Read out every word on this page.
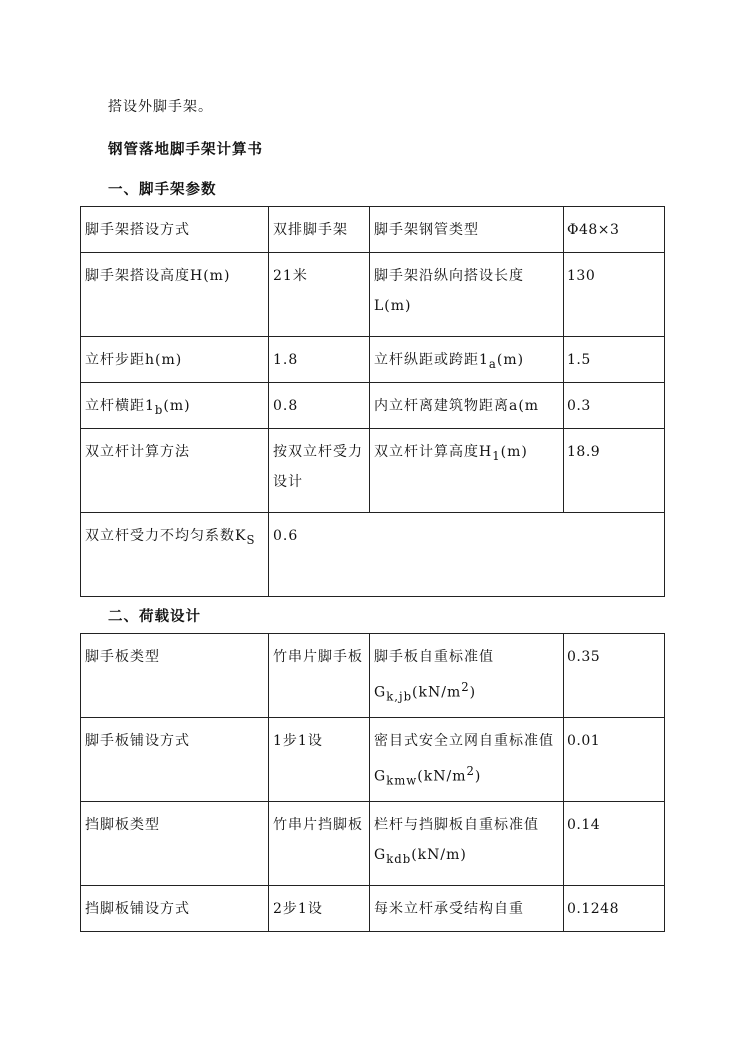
搭设外脚手架。

钢管落地脚手架计算书

一、脚手架参数

脚手架搭设方式	双排脚手架	脚手架钢管类型	Φ48×3
脚手架搭设高度H(m)	21米	脚手架沿纵向搭设长度L(m)	130
立杆步距h(m)	1.8	立杆纵距或跨距$1_a(m)$	1.5
立杆横距$1_b(m)$	0.8	内立杆离建筑物距离a(m	0.3
双立杆计算方法	按双立杆受力设计	双立杆计算高度$H_1(m)$	18.9
双立杆受力不均匀系数$K_S$	0.6		

二、荷载设计

脚手板类型	竹串片脚手板	脚手板自重标准值$G_{k,jb}(kN/m^2)$	0.35
脚手板铺设方式	1步1设	密目式安全立网自重标准值$G_{kmw}(kN/m^2)$	0.01
挡脚板类型	竹串片挡脚板	栏杆与挡脚板自重标准值$G_{kdb}(kN/m)$	0.14
挡脚板铺设方式	2步1设	每米立杆承受结构自重	0.1248
